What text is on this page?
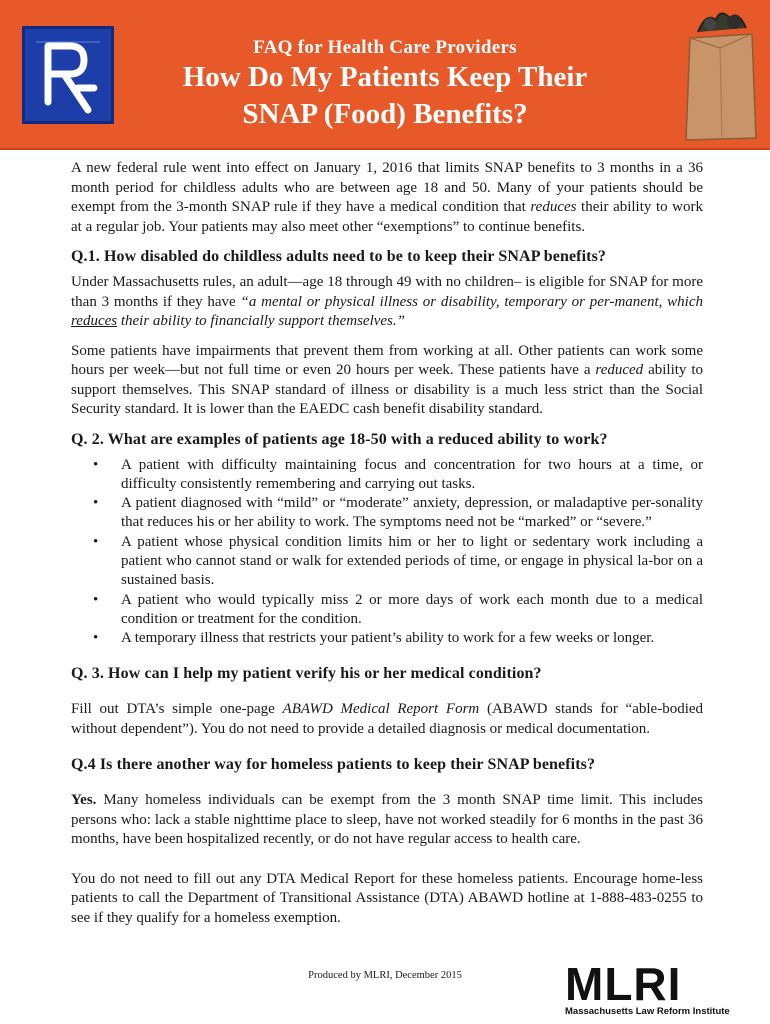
FAQ for Health Care Providers
How Do My Patients Keep Their
SNAP (Food) Benefits?

A new federal rule went into effect on January 1, 2016 that limits SNAP benefits to 3 months in a 36 month period for childless adults who are between age 18 and 50. Many of your patients should be exempt from the 3-month SNAP rule if they have a medical condition that reduces their ability to work at a regular job. Your patients may also meet other “exemptions” to continue benefits.

Q.1. How disabled do childless adults need to be to keep their SNAP benefits?

Under Massachusetts rules, an adult—age 18 through 49 with no children– is eligible for SNAP for more than 3 months if they have “a mental or physical illness or disability, temporary or per-manent, which reduces their ability to financially support themselves.”

Some patients have impairments that prevent them from working at all. Other patients can work some hours per week—but not full time or even 20 hours per week. These patients have a reduced ability to support themselves. This SNAP standard of illness or disability is a much less strict than the Social Security standard. It is lower than the EAEDC cash benefit disability standard.

Q. 2. What are examples of patients age 18-50 with a reduced ability to work?
• A patient with difficulty maintaining focus and concentration for two hours at a time, or difficulty consistently remembering and carrying out tasks.
• A patient diagnosed with “mild” or “moderate” anxiety, depression, or maladaptive per-sonality that reduces his or her ability to work. The symptoms need not be “marked” or “severe.”
• A patient whose physical condition limits him or her to light or sedentary work including a patient who cannot stand or walk for extended periods of time, or engage in physical la-bor on a sustained basis.
• A patient who would typically miss 2 or more days of work each month due to a medical condition or treatment for the condition.
• A temporary illness that restricts your patient’s ability to work for a few weeks or longer.
Q. 3. How can I help my patient verify his or her medical condition?

Fill out DTA’s simple one-page ABAWD Medical Report Form (ABAWD stands for “able-bodied without dependent”). You do not need to provide a detailed diagnosis or medical documentation.

Q.4 Is there another way for homeless patients to keep their SNAP benefits?

Yes. Many homeless individuals can be exempt from the 3 month SNAP time limit. This includes persons who: lack a stable nighttime place to sleep, have not worked steadily for 6 months in the past 36 months, have been hospitalized recently, or do not have regular access to health care.

You do not need to fill out any DTA Medical Report for these homeless patients. Encourage home-less patients to call the Department of Transitional Assistance (DTA) ABAWD hotline at 1-888-483-0255 to see if they qualify for a homeless exemption.

Produced by MLRI, December 2015	MLRI
Massachusetts Law Reform Institute
